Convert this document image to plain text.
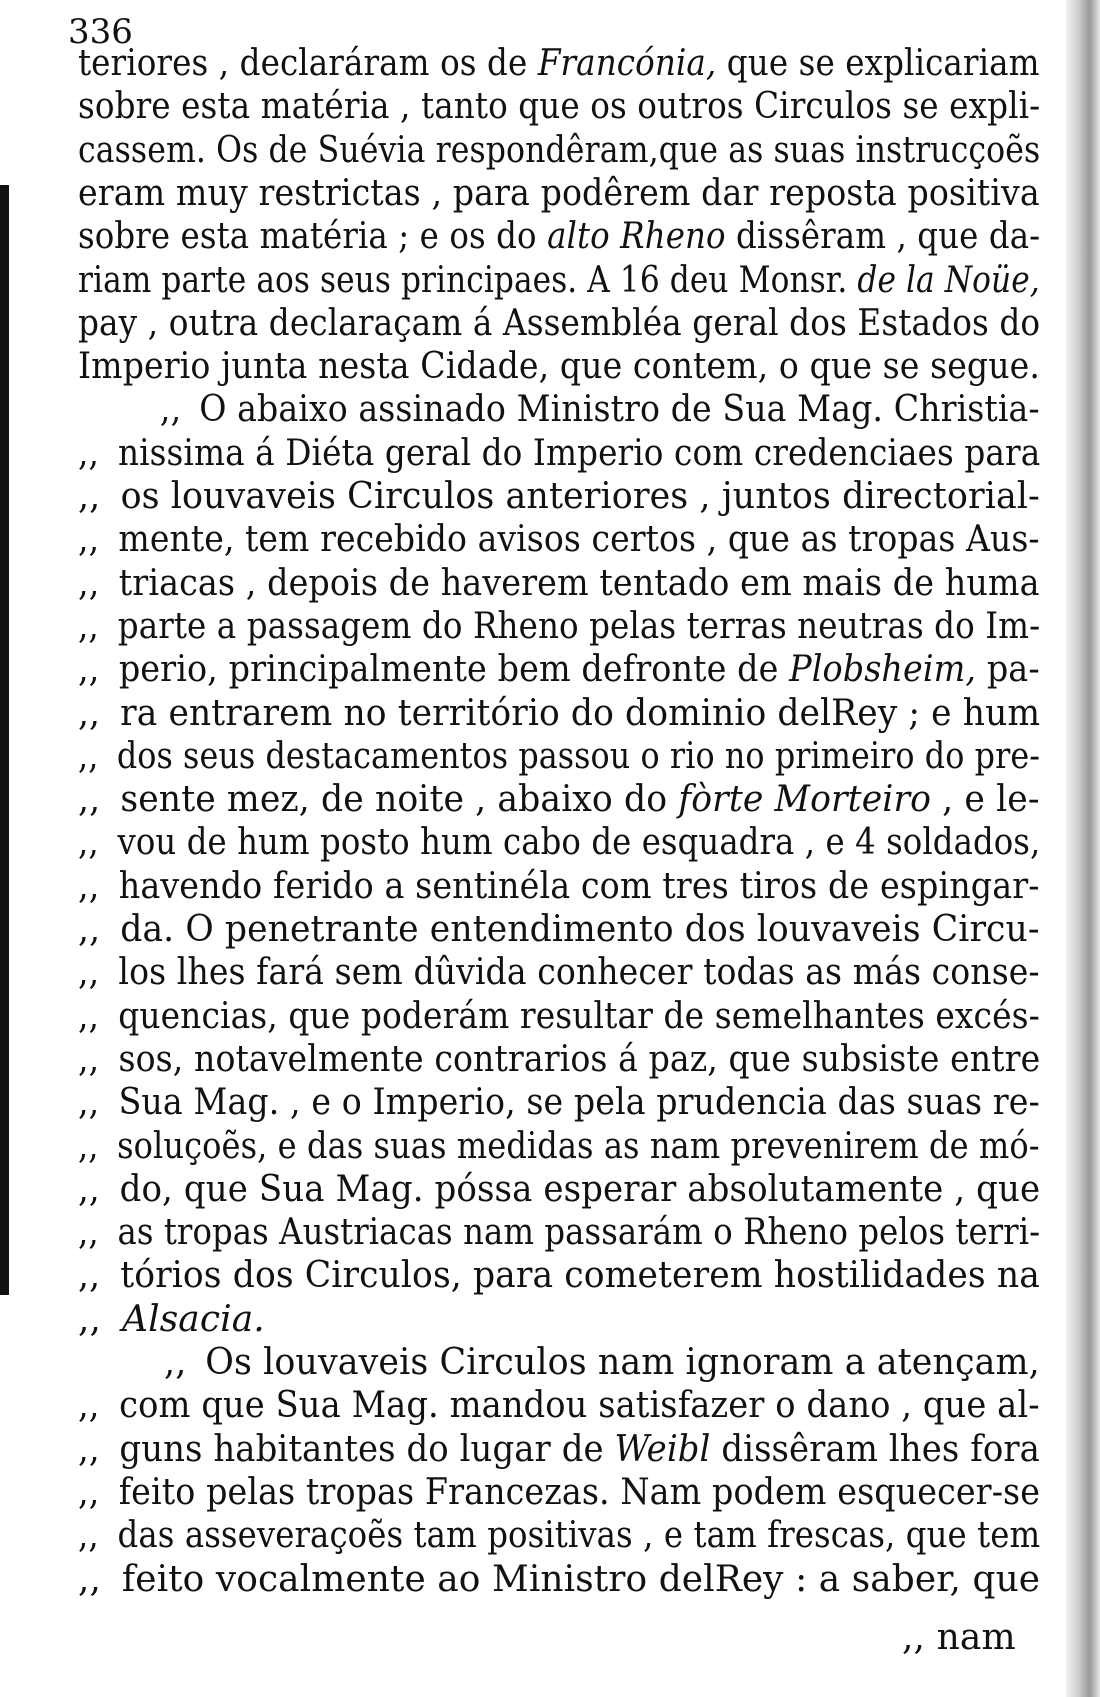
336
teriores , declaráram os de Francónia, que se explicariam
sobre esta matéria , tanto que os outros Circulos se expli-
cassem. Os de Suévia respondêram,que as suas instrucçoẽs
eram muy restrictas , para podêrem dar reposta positiva
sobre esta matéria ; e os do alto Rheno dissêram , que da-
riam parte aos seus principaes. A 16 deu Monsr. de la Noüe,
pay , outra declaraçam á Assembléa geral dos Estados do
Imperio junta nesta Cidade, que contem, o que se segue.
,, O abaixo assinado Ministro de Sua Mag. Christia-
,, nissima á Diéta geral do Imperio com credenciaes para
,, os louvaveis Circulos anteriores , juntos directorial-
,, mente, tem recebido avisos certos , que as tropas Aus-
,, triacas , depois de haverem tentado em mais de huma
,, parte a passagem do Rheno pelas terras neutras do Im-
,, perio, principalmente bem defronte de Plobsheim, pa-
,, ra entrarem no território do dominio delRey ; e hum
,, dos seus destacamentos passou o rio no primeiro do pre-
,, sente mez, de noite , abaixo do fòrte Morteiro , e le-
,, vou de hum posto hum cabo de esquadra , e 4 soldados,
,, havendo ferido a sentinéla com tres tiros de espingar-
,, da. O penetrante entendimento dos louvaveis Circu-
,, los lhes fará sem dûvida conhecer todas as más conse-
,, quencias, que poderám resultar de semelhantes excés-
,, sos, notavelmente contrarios á paz, que subsiste entre
,, Sua Mag. , e o Imperio, se pela prudencia das suas re-
,, soluçoẽs, e das suas medidas as nam prevenirem de mó-
,, do, que Sua Mag. póssa esperar absolutamente , que
,, as tropas Austriacas nam passarám o Rheno pelos terri-
,, tórios dos Circulos, para cometerem hostilidades na
,, Alsacia.
,, Os louvaveis Circulos nam ignoram a atençam,
,, com que Sua Mag. mandou satisfazer o dano , que al-
,, guns habitantes do lugar de Weibl dissêram lhes fora
,, feito pelas tropas Francezas. Nam podem esquecer-se
,, das asseveraçoẽs tam positivas , e tam frescas, que tem
,, feito vocalmente ao Ministro delRey : a saber, que
,, nam
